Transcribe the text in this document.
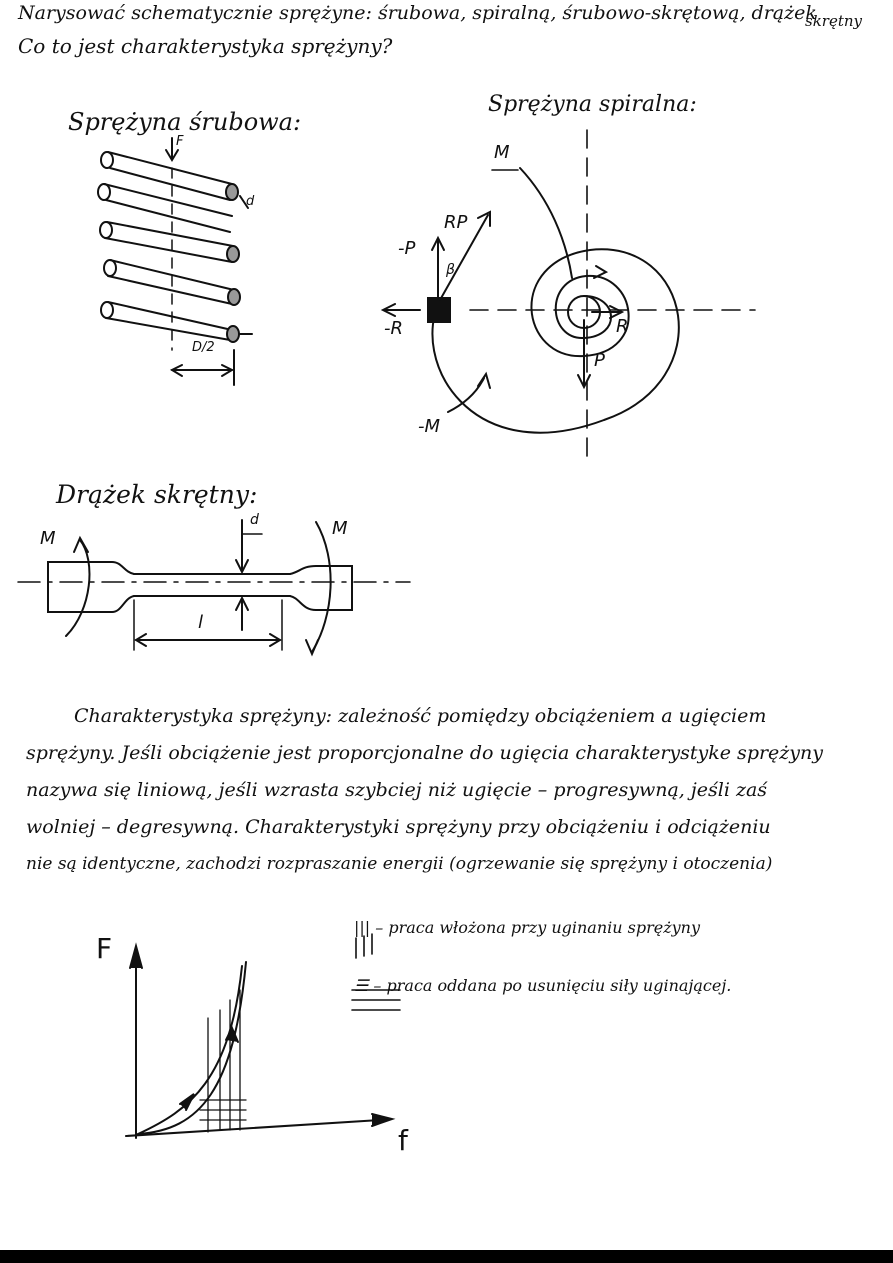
Narysować schematycznie sprężyne: śrubowa, spiralną, śrubowo-skrętową, drążek
skrętny
Co to jest charakterystyka sprężyny?
Sprężyna śrubowa:
Sprężyna spiralna:
Drążek skrętny:
F
d
D/2
M
-M
P
-P
R
-R
RP
β
M	M
d
l
Charakterystyka sprężyny: zależność pomiędzy obciążeniem a ugięciem
sprężyny. Jeśli obciążenie jest proporcjonalne do ugięcia charakterystyke sprężyny
nazywa się liniową, jeśli wzrasta szybciej niż ugięcie – progresywną, jeśli zaś
wolniej – degresywną. Charakterystyki sprężyny przy obciążeniu i odciążeniu
nie są identyczne, zachodzi rozpraszanie energii (ogrzewanie się sprężyny i otoczenia)
F
f
||| – praca włożona przy uginaniu sprężyny
☰ – praca oddana po usunięciu siły uginającej.
